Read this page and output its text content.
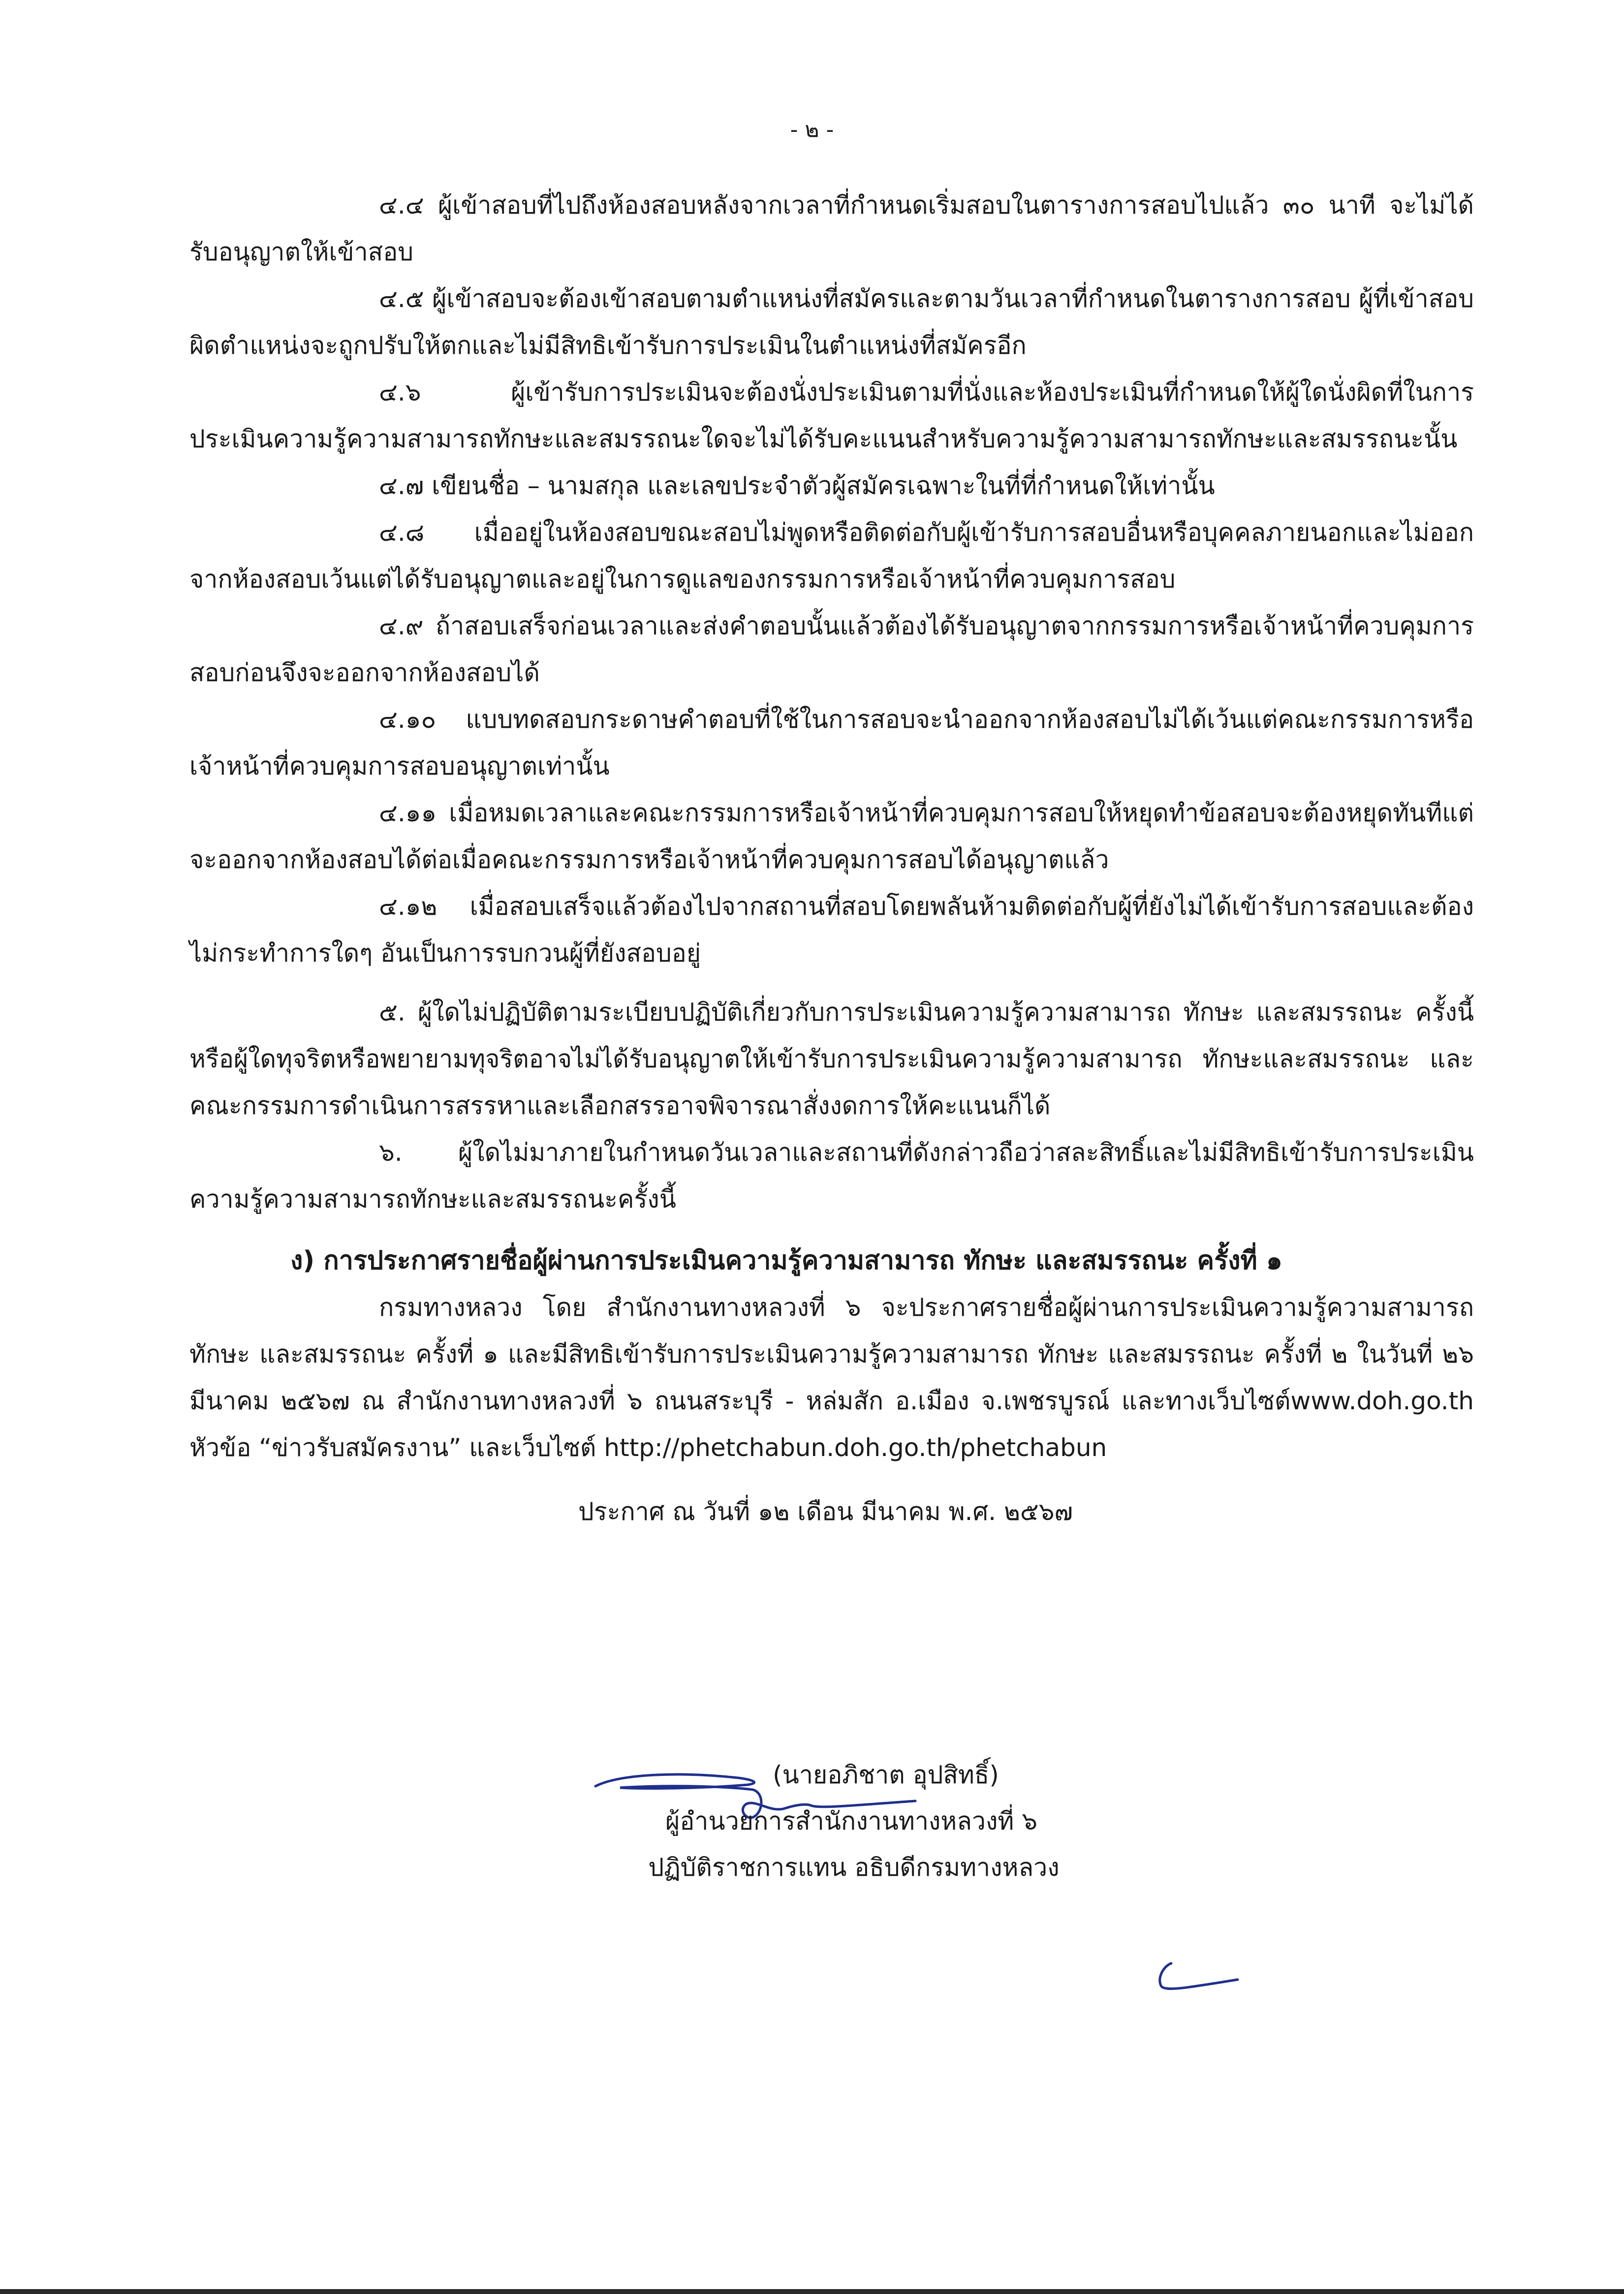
- ๒ -

๔.๔ ผู้เข้าสอบที่ไปถึงห้องสอบหลังจากเวลาที่กำหนดเริ่มสอบในตารางการสอบไปแล้ว ๓๐ นาที จะไม่ได้รับอนุญาตให้เข้าสอบ

๔.๕ ผู้เข้าสอบจะต้องเข้าสอบตามตำแหน่งที่สมัครและตามวันเวลาที่กำหนดในตารางการสอบ ผู้ที่เข้าสอบผิดตำแหน่งจะถูกปรับให้ตกและไม่มีสิทธิเข้ารับการประเมินในตำแหน่งที่สมัครอีก

๔.๖ ผู้เข้ารับการประเมินจะต้องนั่งประเมินตามที่นั่งและห้องประเมินที่กำหนดให้ผู้ใดนั่งผิดที่ในการประเมินความรู้ความสามารถทักษะและสมรรถนะใดจะไม่ได้รับคะแนนสำหรับความรู้ความสามารถทักษะและสมรรถนะนั้น

๔.๗ เขียนชื่อ – นามสกุล และเลขประจำตัวผู้สมัครเฉพาะในที่ที่กำหนดให้เท่านั้น

๔.๘ เมื่ออยู่ในห้องสอบขณะสอบไม่พูดหรือติดต่อกับผู้เข้ารับการสอบอื่นหรือบุคคลภายนอกและไม่ออกจากห้องสอบเว้นแต่ได้รับอนุญาตและอยู่ในการดูแลของกรรมการหรือเจ้าหน้าที่ควบคุมการสอบ

๔.๙ ถ้าสอบเสร็จก่อนเวลาและส่งคำตอบนั้นแล้วต้องได้รับอนุญาตจากกรรมการหรือเจ้าหน้าที่ควบคุมการสอบก่อนจึงจะออกจากห้องสอบได้

๔.๑๐ แบบทดสอบกระดาษคำตอบที่ใช้ในการสอบจะนำออกจากห้องสอบไม่ได้เว้นแต่คณะกรรมการหรือเจ้าหน้าที่ควบคุมการสอบอนุญาตเท่านั้น

๔.๑๑ เมื่อหมดเวลาและคณะกรรมการหรือเจ้าหน้าที่ควบคุมการสอบให้หยุดทำข้อสอบจะต้องหยุดทันทีแต่จะออกจากห้องสอบได้ต่อเมื่อคณะกรรมการหรือเจ้าหน้าที่ควบคุมการสอบได้อนุญาตแล้ว

๔.๑๒ เมื่อสอบเสร็จแล้วต้องไปจากสถานที่สอบโดยพลันห้ามติดต่อกับผู้ที่ยังไม่ได้เข้ารับการสอบและต้องไม่กระทำการใดๆ อันเป็นการรบกวนผู้ที่ยังสอบอยู่

๕. ผู้ใดไม่ปฏิบัติตามระเบียบปฏิบัติเกี่ยวกับการประเมินความรู้ความสามารถ ทักษะ และสมรรถนะ ครั้งนี้ หรือผู้ใดทุจริตหรือพยายามทุจริตอาจไม่ได้รับอนุญาตให้เข้ารับการประเมินความรู้ความสามารถ ทักษะและสมรรถนะ และคณะกรรมการดำเนินการสรรหาและเลือกสรรอาจพิจารณาสั่งงดการให้คะแนนก็ได้

๖. ผู้ใดไม่มาภายในกำหนดวันเวลาและสถานที่ดังกล่าวถือว่าสละสิทธิ์และไม่มีสิทธิเข้ารับการประเมินความรู้ความสามารถทักษะและสมรรถนะครั้งนี้

ง) การประกาศรายชื่อผู้ผ่านการประเมินความรู้ความสามารถ ทักษะ และสมรรถนะ ครั้งที่ ๑

กรมทางหลวง โดย สำนักงานทางหลวงที่ ๖ จะประกาศรายชื่อผู้ผ่านการประเมินความรู้ความสามารถ ทักษะ และสมรรถนะ ครั้งที่ ๑ และมีสิทธิเข้ารับการประเมินความรู้ความสามารถ ทักษะ และสมรรถนะ ครั้งที่ ๒ ในวันที่ ๒๖ มีนาคม ๒๕๖๗ ณ สำนักงานทางหลวงที่ ๖ ถนนสระบุรี - หล่มสัก อ.เมือง จ.เพชรบูรณ์ และทางเว็บไซต์www.doh.go.th หัวข้อ “ข่าวรับสมัครงาน” และเว็บไซต์ http://phetchabun.doh.go.th/phetchabun

ประกาศ ณ วันที่ ๑๒ เดือน มีนาคม พ.ศ. ๒๕๖๗

(นายอภิชาต อุปสิทธิ์)
ผู้อำนวยการสำนักงานทางหลวงที่ ๖
ปฏิบัติราชการแทน อธิบดีกรมทางหลวง
